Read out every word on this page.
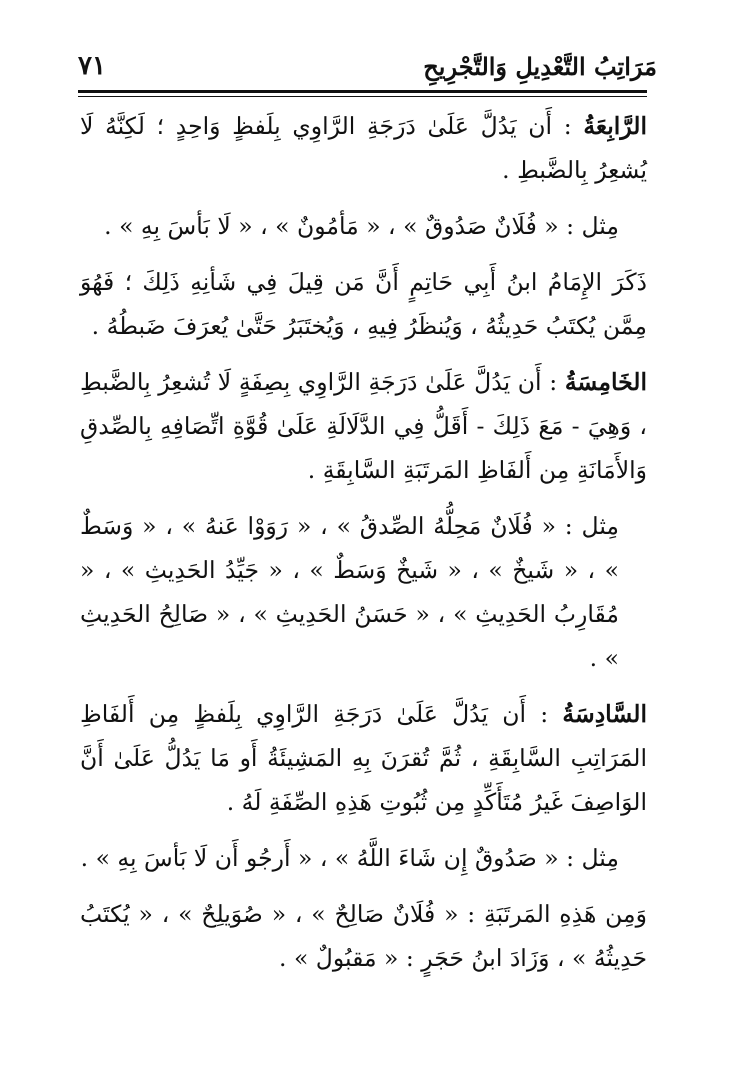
٧١	مَرَاتِبُ التَّعْدِيلِ وَالتَّجْرِيحِ

الرَّابِعَةُ : أَن يَدُلَّ عَلَىٰ دَرَجَةِ الرَّاوِي بِلَفظٍ وَاحِدٍ ؛ لَكِنَّهُ لَا يُشعِرُ بِالضَّبطِ .

مِثل : « فُلَانٌ صَدُوقٌ » ، « مَأمُونٌ » ، « لَا بَأسَ بِهِ » .

ذَكَرَ الإِمَامُ ابنُ أَبِي حَاتِمٍ أَنَّ مَن قِيلَ فِي شَأنِهِ ذَلِكَ ؛ فَهُوَ مِمَّن يُكتَبُ حَدِيثُهُ ، وَيُنظَرُ فِيهِ ، وَيُختَبَرُ حَتَّىٰ يُعرَفَ ضَبطُهُ .

الخَامِسَةُ : أَن يَدُلَّ عَلَىٰ دَرَجَةِ الرَّاوِي بِصِفَةٍ لَا تُشعِرُ بِالضَّبطِ ، وَهِيَ - مَعَ ذَلِكَ - أَقَلُّ فِي الدَّلَالَةِ عَلَىٰ قُوَّةِ اتِّصَافِهِ بِالصِّدقِ وَالأَمَانَةِ مِن أَلفَاظِ المَرتَبَةِ السَّابِقَةِ .

مِثل : « فُلَانٌ مَحِلُّهُ الصِّدقُ » ، « رَوَوْا عَنهُ » ، « وَسَطٌ » ، « شَيخٌ » ، « شَيخٌ وَسَطٌ » ، « جَيِّدُ الحَدِيثِ » ، « مُقَارِبُ الحَدِيثِ » ، « حَسَنُ الحَدِيثِ » ، « صَالِحُ الحَدِيثِ » .

السَّادِسَةُ : أَن يَدُلَّ عَلَىٰ دَرَجَةِ الرَّاوِي بِلَفظٍ مِن أَلفَاظِ المَرَاتِبِ السَّابِقَةِ ، ثُمَّ تُقرَنَ بِهِ المَشِيئَةُ أَو مَا يَدُلُّ عَلَىٰ أَنَّ الوَاصِفَ غَيرُ مُتَأَكِّدٍ مِن ثُبُوتِ هَذِهِ الصِّفَةِ لَهُ .

مِثل : « صَدُوقٌ إِن شَاءَ اللَّهُ » ، « أَرجُو أَن لَا بَأسَ بِهِ » .

وَمِن هَذِهِ المَرتَبَةِ : « فُلَانٌ صَالِحٌ » ، « صُوَيلِحٌ » ، « يُكتَبُ حَدِيثُهُ » ، وَزَادَ ابنُ حَجَرٍ : « مَقبُولٌ » .
